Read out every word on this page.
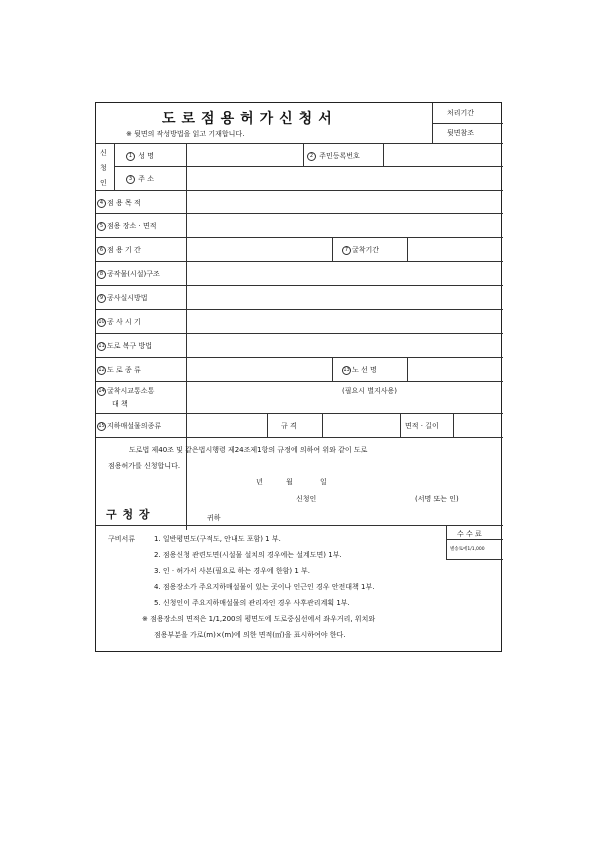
도로점용허가신청서
※ 뒷면의 작성방법을 읽고 기재합니다.
처리기간
뒷면참조
신
청
인
1 성 명	2 주민등록번호
3 주 소
4 점 용 목 적
5 점용 장소 · 면적
6 점 용 기 간	7 굴착기간
8 공작물(시설)구조
9 공사실시방법
10 공 사 시 기
11 도로 복구 방법
12 도 로 종 류	13 노 선 명
14 굴착시교통소통
대 책
(필요시 별지사용)
15 지하매설물의종류	규 격	면적 · 길이
도로법 제40조 및 같은법시행령 제24조제1항의 규정에 의하여 위와 같이 도로
점용허가를 신청합니다.
년	월	일
신청인	(서명 또는 인)
구 청 장	귀하
구비서류	1. 일반평면도(구적도, 안내도 포함) 1 부.
2. 점용신청 관련도면(시설물 설치의 경우에는 설계도면) 1부.
3. 인 · 허가서 사본(필요로 하는 경우에 한함) 1 부.
4. 점용장소가 주요지하매설물이 있는 곳이나 인근인 경우 안전대책 1부.
5. 신청인이 주요지하매설물의 관리자인 경우 사후관리계획 1부.
※ 점용장소의 면적은 1/1,200의 평면도에 도로중심선에서 좌우거리, 위치와
점용부분을 가로(m)×(m)에 의한 면적(㎡)을 표시하여야 한다.
수 수 료
별송토에1/1,000
